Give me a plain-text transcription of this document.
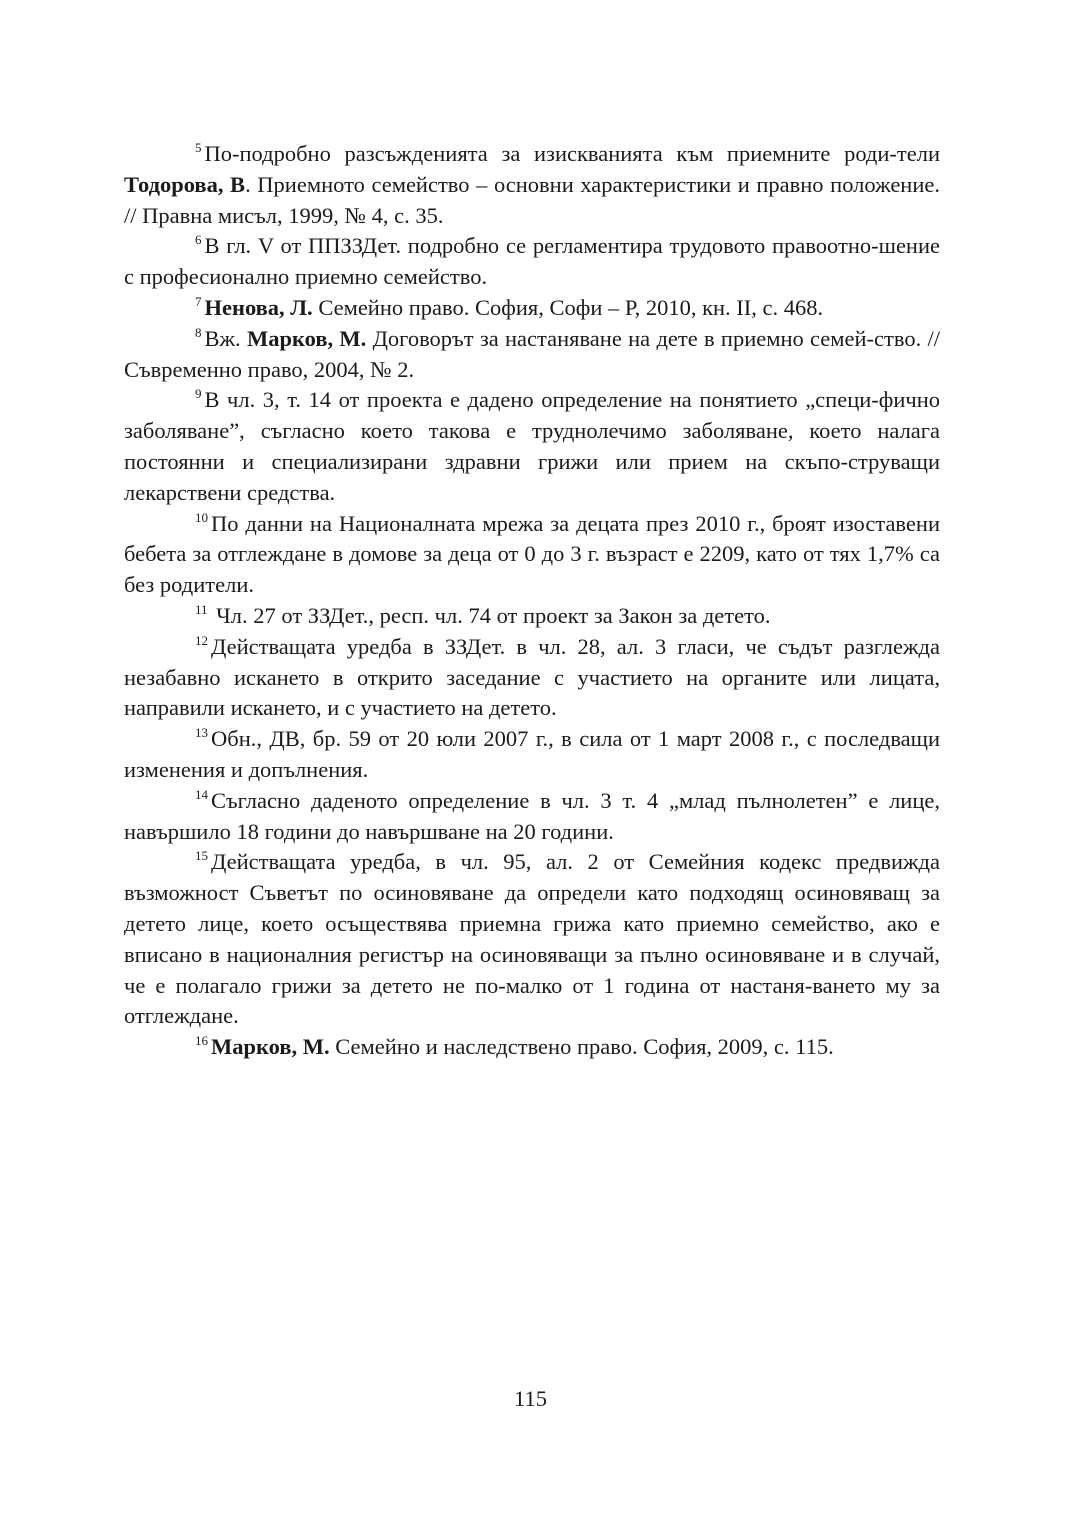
$^5$ По-подробно разсъжденията за изискванията към приемните роди-тели Тодорова, В. Приемното семейство – основни характеристики и правно положение. // Правна мисъл, 1999, № 4, с. 35.

$^6$ В гл. V от ППЗЗДет. подробно се регламентира трудовото правоотно-шение с професионално приемно семейство.

$^7$ Ненова, Л. Семейно право. София, Софи – Р, 2010, кн. II, с. 468.

$^8$ Вж. Марков, М. Договорът за настаняване на дете в приемно семей-ство. // Съвременно право, 2004, № 2.

$^9$ В чл. 3, т. 14 от проекта е дадено определение на понятието „специ-фично заболяване”, съгласно което такова е труднолечимо заболяване, което налага постоянни и специализирани здравни грижи или прием на скъпо-струващи лекарствени средства.

$^{10}$ По данни на Националната мрежа за децата през 2010 г., броят изоставени бебета за отглеждане в домове за деца от 0 до 3 г. възраст е 2209, като от тях 1,7% са без родители.

$^{11}$ Чл. 27 от ЗЗДет., респ. чл. 74 от проект за Закон за детето.

$^{12}$ Действащата уредба в ЗЗДет. в чл. 28, ал. 3 гласи, че съдът разглежда незабавно искането в открито заседание с участието на органите или лицата, направили искането, и с участието на детето.

$^{13}$ Обн., ДВ, бр. 59 от 20 юли 2007 г., в сила от 1 март 2008 г., с последващи изменения и допълнения.

$^{14}$ Съгласно даденото определение в чл. 3 т. 4 „млад пълнолетен” е лице, навършило 18 години до навършване на 20 години.

$^{15}$ Действащата уредба, в чл. 95, ал. 2 от Семейния кодекс предвижда възможност Съветът по осиновяване да определи като подходящ осиновяващ за детето лице, което осъществява приемна грижа като приемно семейство, ако е вписано в националния регистър на осиновяващи за пълно осиновяване и в случай, че е полагало грижи за детето не по-малко от 1 година от настаня-ването му за отглеждане.

$^{16}$ Марков, М. Семейно и наследствено право. София, 2009, с. 115.

115
